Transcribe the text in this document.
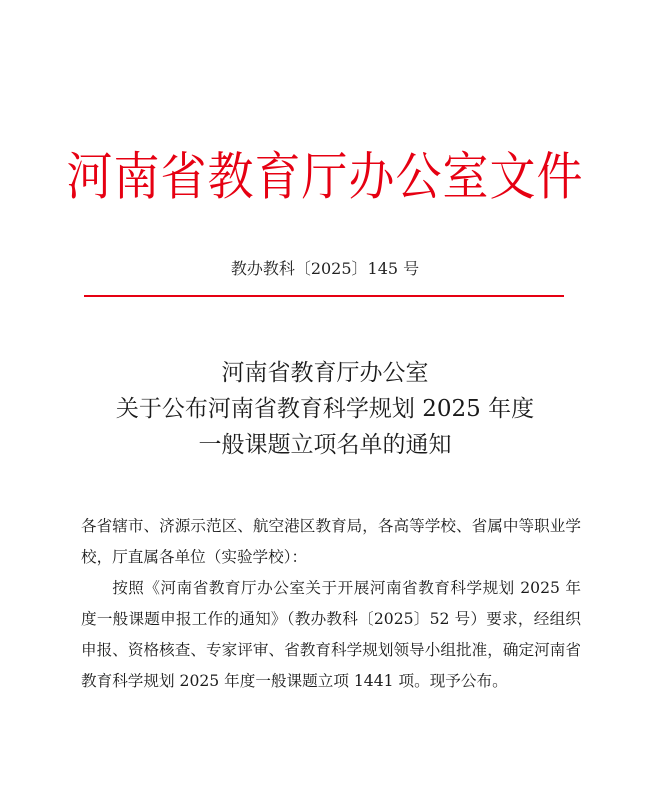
河南省教育厅办公室文件
教办教科〔2025〕145 号
河南省教育厅办公室
关于公布河南省教育科学规划 2025 年度
一般课题立项名单的通知

各省辖市、济源示范区、航空港区教育局，各高等学校、省属中等职业学校，厅直属各单位（实验学校）：

按照《河南省教育厅办公室关于开展河南省教育科学规划 2025 年度一般课题申报工作的通知》（教办教科〔2025〕52 号）要求，经组织申报、资格核查、专家评审、省教育科学规划领导小组批准，确定河南省教育科学规划 2025 年度一般课题立项 1441 项。现予公布。
